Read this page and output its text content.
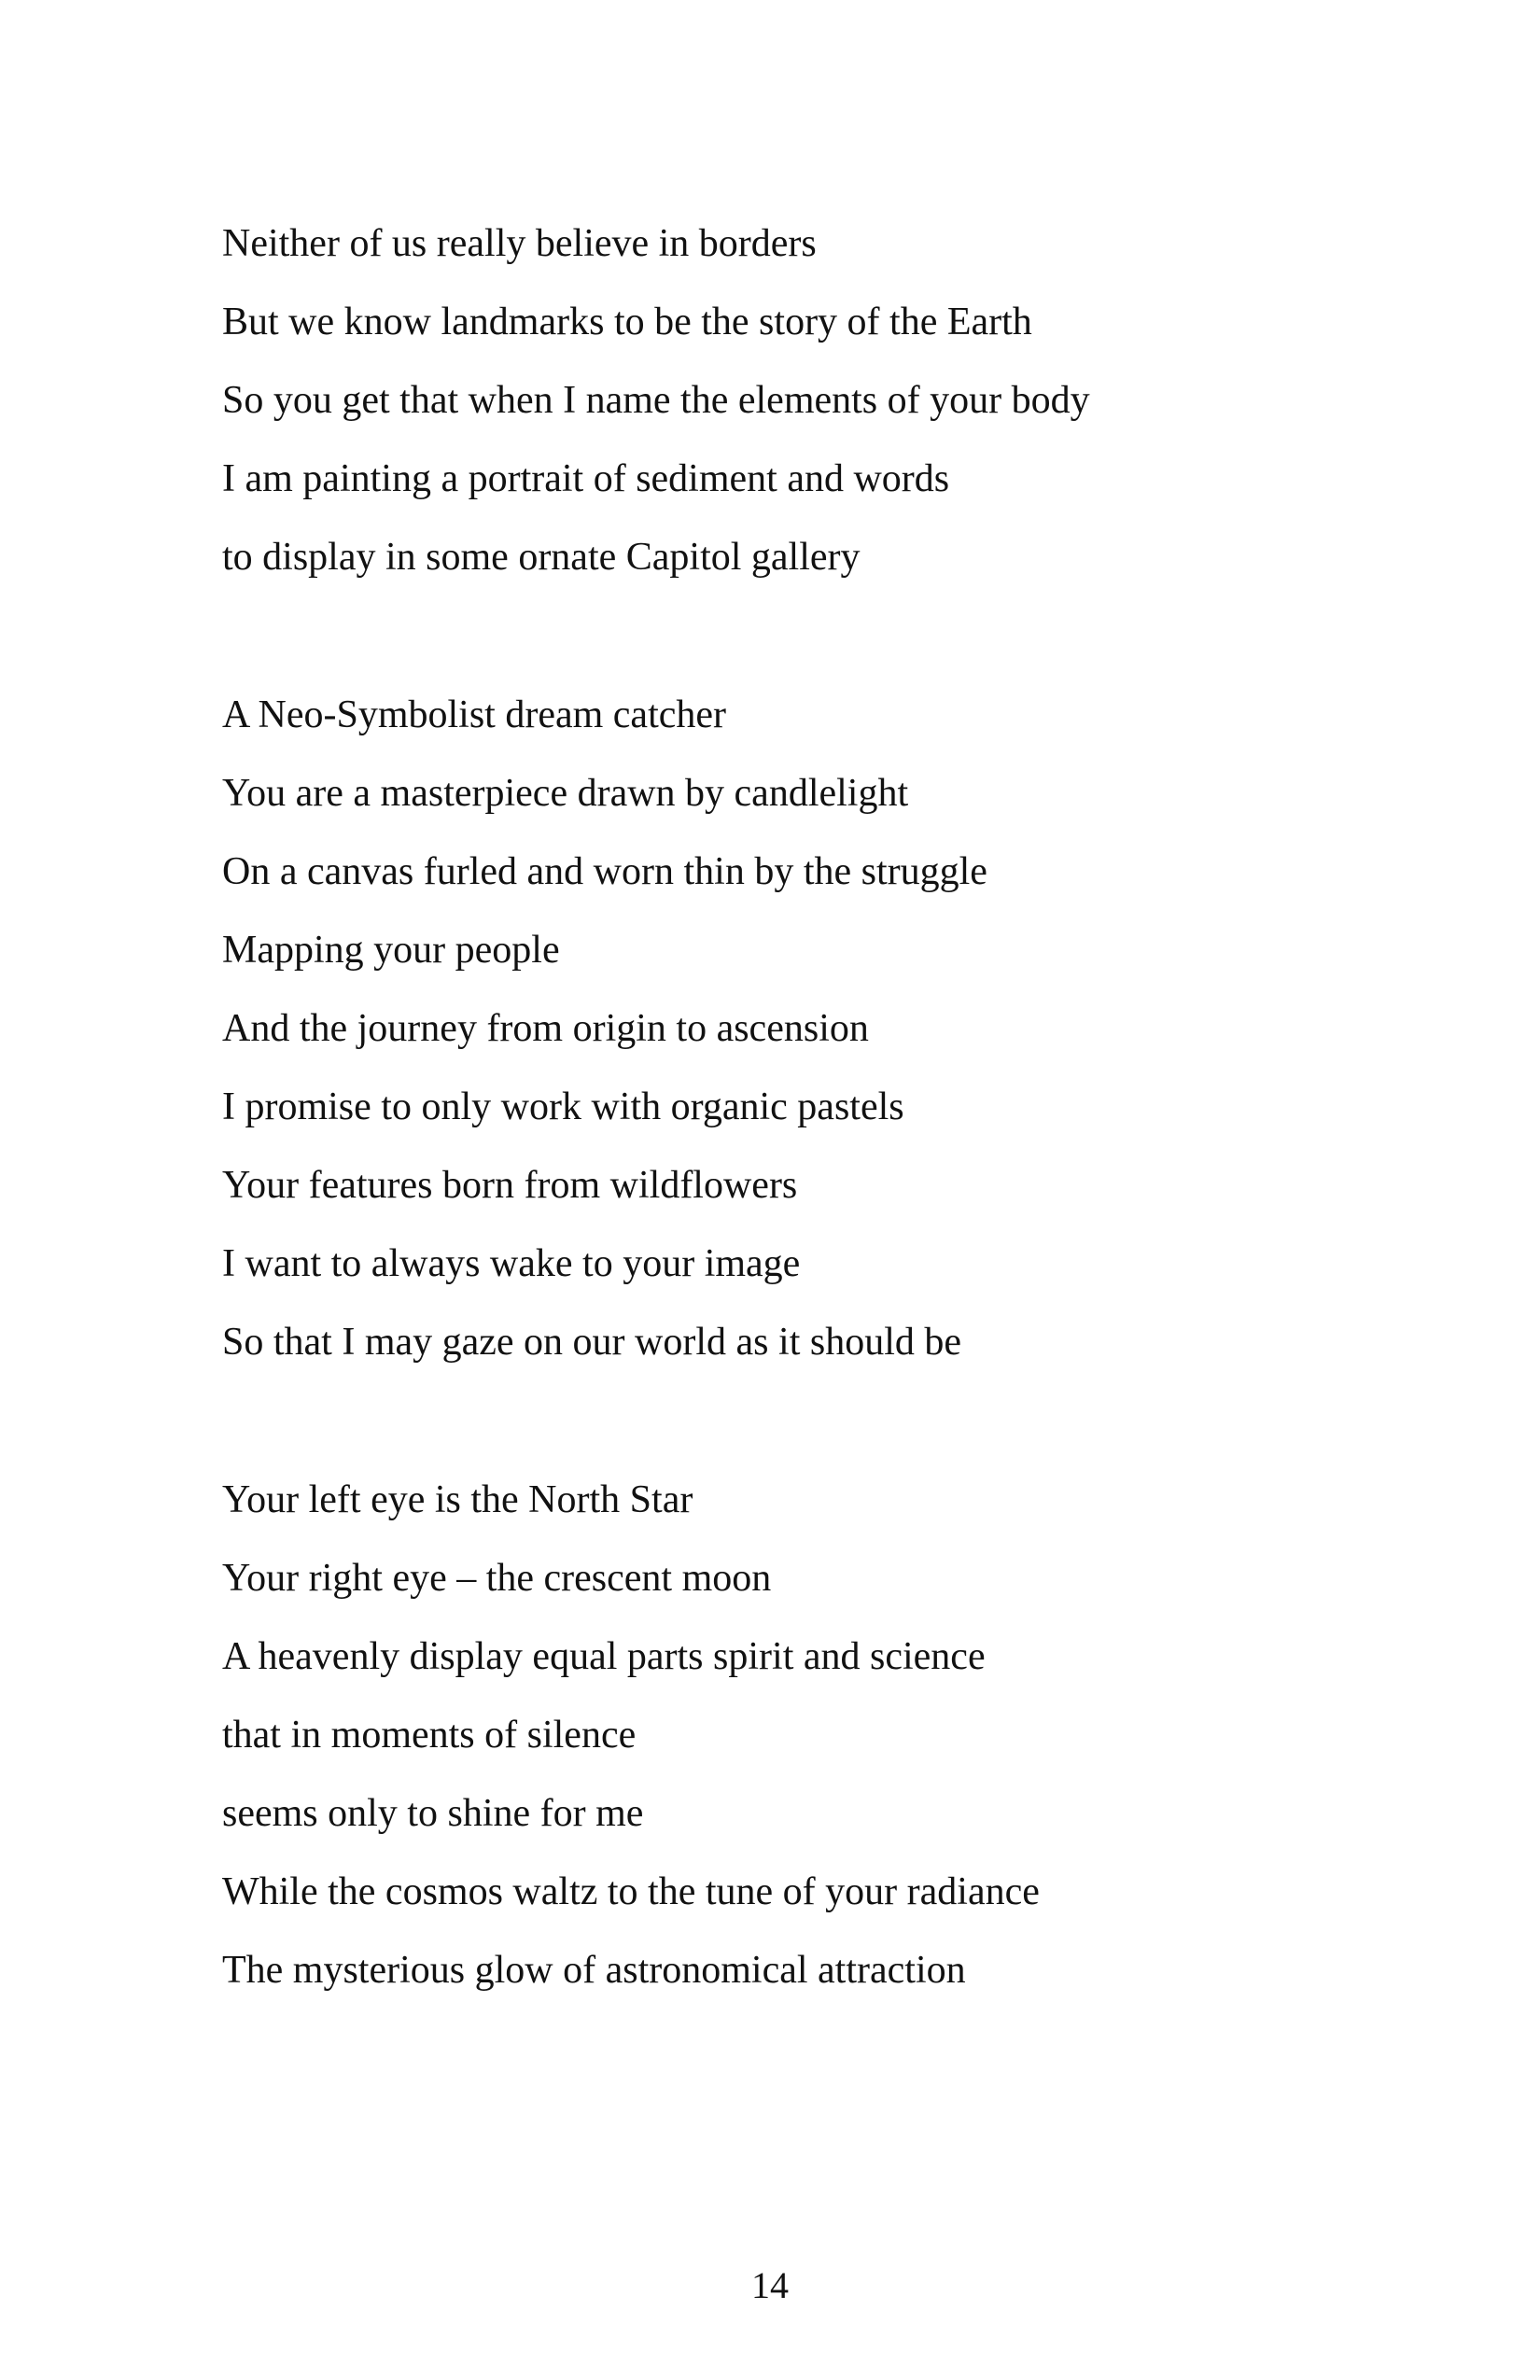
Neither of us really believe in borders
But we know landmarks to be the story of the Earth
So you get that when I name the elements of your body
I am painting a portrait of sediment and words
to display in some ornate Capitol gallery
A Neo-Symbolist dream catcher
You are a masterpiece drawn by candlelight
On a canvas furled and worn thin by the struggle
Mapping your people
And the journey from origin to ascension
I promise to only work with organic pastels
Your features born from wildflowers
I want to always wake to your image
So that I may gaze on our world as it should be
Your left eye is the North Star
Your right eye – the crescent moon
A heavenly display equal parts spirit and science
that in moments of silence
seems only to shine for me
While the cosmos waltz to the tune of your radiance
The mysterious glow of astronomical attraction
14
